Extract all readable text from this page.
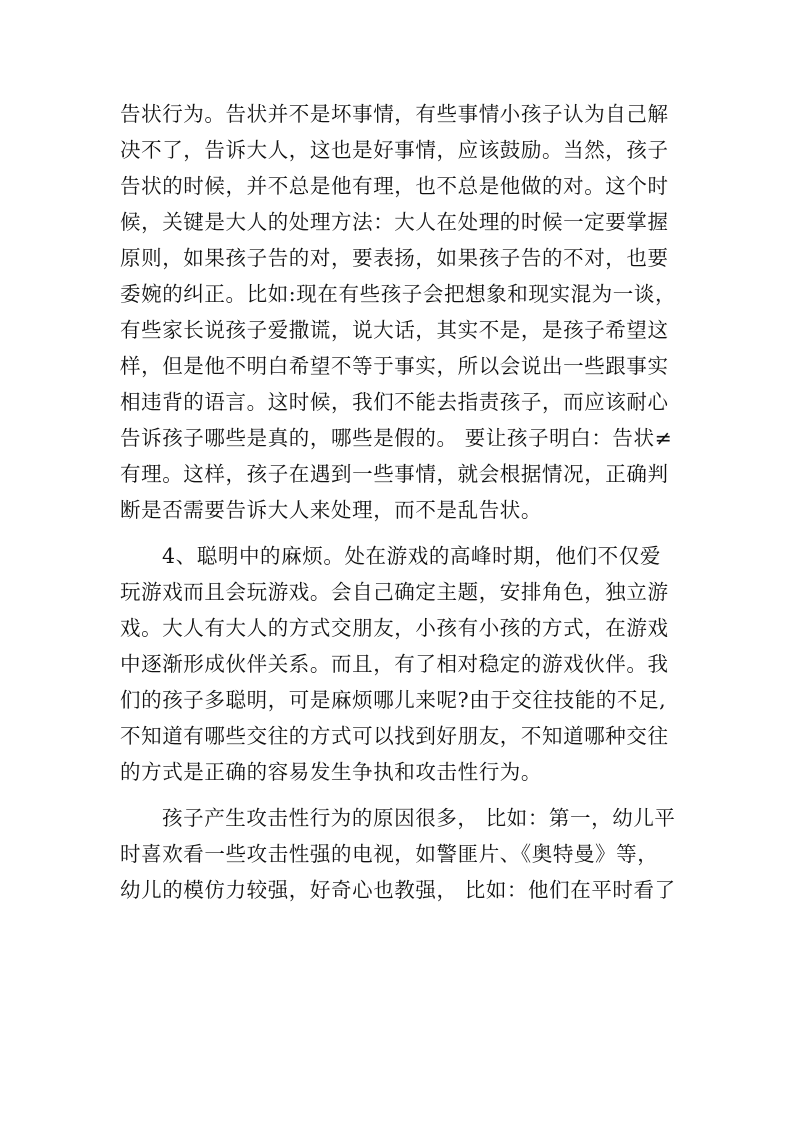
告状行为。告状并不是坏事情，有些事情小孩子认为自己解
决不了，告诉大人，这也是好事情，应该鼓励。当然，孩子
告状的时候，并不总是他有理，也不总是他做的对。这个时
候，关键是大人的处理方法：大人在处理的时候一定要掌握
原则，如果孩子告的对，要表扬，如果孩子告的不对，也要
委婉的纠正。比如:现在有些孩子会把想象和现实混为一谈，
有些家长说孩子爱撒谎，说大话，其实不是，是孩子希望这
样，但是他不明白希望不等于事实，所以会说出一些跟事实
相违背的语言。这时候，我们不能去指责孩子，而应该耐心
告诉孩子哪些是真的，哪些是假的。 要让孩子明白：告状≠
有理。这样，孩子在遇到一些事情，就会根据情况，正确判
断是否需要告诉大人来处理，而不是乱告状。
4、聪明中的麻烦。处在游戏的高峰时期，他们不仅爱
玩游戏而且会玩游戏。会自己确定主题，安排角色，独立游
戏。大人有大人的方式交朋友，小孩有小孩的方式，在游戏
中逐渐形成伙伴关系。而且，有了相对稳定的游戏伙伴。我
们的孩子多聪明，可是麻烦哪儿来呢?由于交往技能的不足,
不知道有哪些交往的方式可以找到好朋友，不知道哪种交往
的方式是正确的容易发生争执和攻击性行为。
孩子产生攻击性行为的原因很多， 比如：第一，幼儿平
时喜欢看一些攻击性强的电视，如警匪片、《奥特曼》等，
幼儿的模仿力较强，好奇心也教强， 比如：他们在平时看了
